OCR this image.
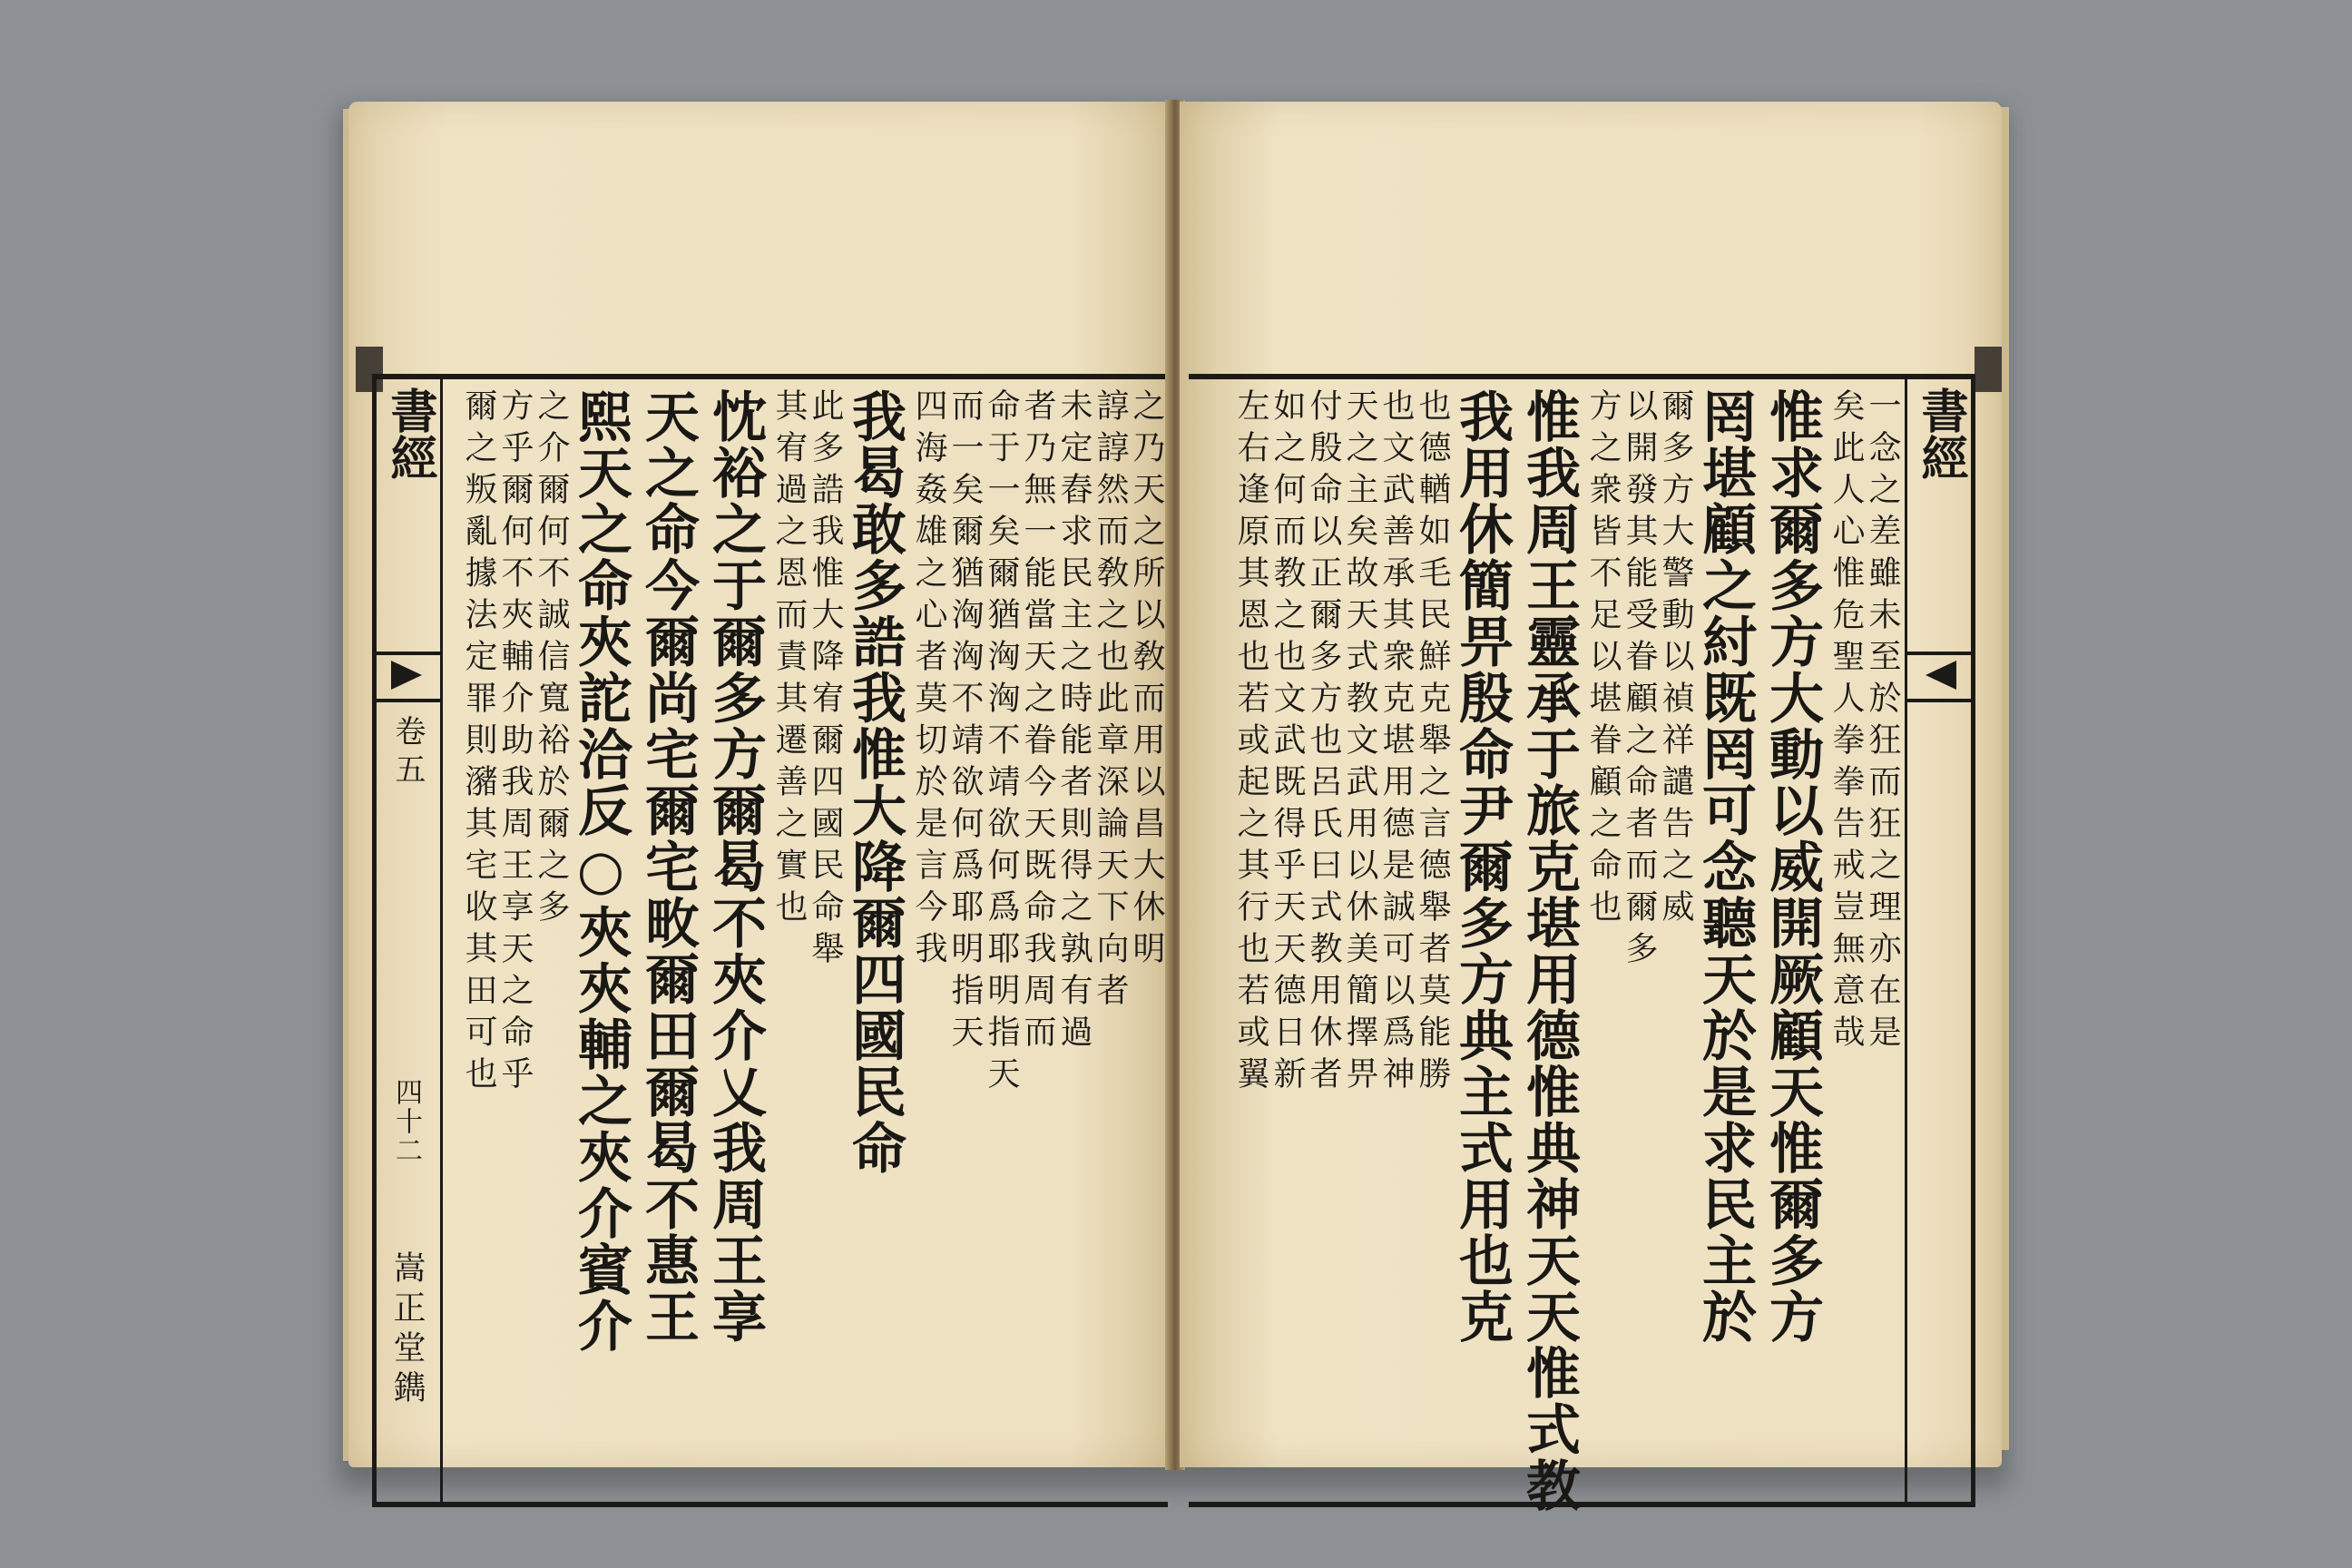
書經
卷五
四十二
嵩正堂鐫
之乃天之所以敎而用以昌大休明
諄諄然而敎之也此章深論天下向者
未定舂求民主之時能者則得之孰有過
者乃無一能當天之眷今天既命我周而
命于一矣爾猶洶洶不靖欲何爲耶明指天
而一矣爾猶洶洶不靖欲何爲耶明指天
四海姦雄之心者莫切於是言今我
我曷敢多誥我惟大降爾四國民命
此多誥我惟大降宥爾四國民命舉
其宥過之恩而責其遷善之實也
忱裕之于爾多方爾曷不夾介乂我周王享
天之命今爾尚宅爾宅畋爾田爾曷不惠王
熙天之命夾詑洽反○夾夾輔之夾介賓介
之介爾何不誠信寬裕於爾之多
方乎爾何不夾輔介助我周王享天之命乎
爾之叛亂據法定罪則瀦其宅收其田可也	書經
一念之差雖未至於狂而狂之理亦在是
矣此人心惟危聖人拳拳告戒豈無意哉
惟求爾多方大動以威開厥顧天惟爾多方
罔堪顧之紂既罔可念聽天於是求民主於
爾多方大警動以禎祥譴告之威
以開發其能受眷顧之命者而爾多
方之衆皆不足以堪眷顧之命也
惟我周王靈承于旅克堪用德惟典神天天惟式教
我用休簡畀殷命尹爾多方典主式用也克
也德輶如毛民鮮克舉之言德舉者莫能勝
也文武善承其衆克堪用德是誠可以爲神
天之主矣故天式教文武用以休美簡擇畀
付殷命以正爾多方也呂氏曰式教用休者
如之何而教之也文武既得乎天天德日新
左右逢原其恩也若或起之其行也若或翼
